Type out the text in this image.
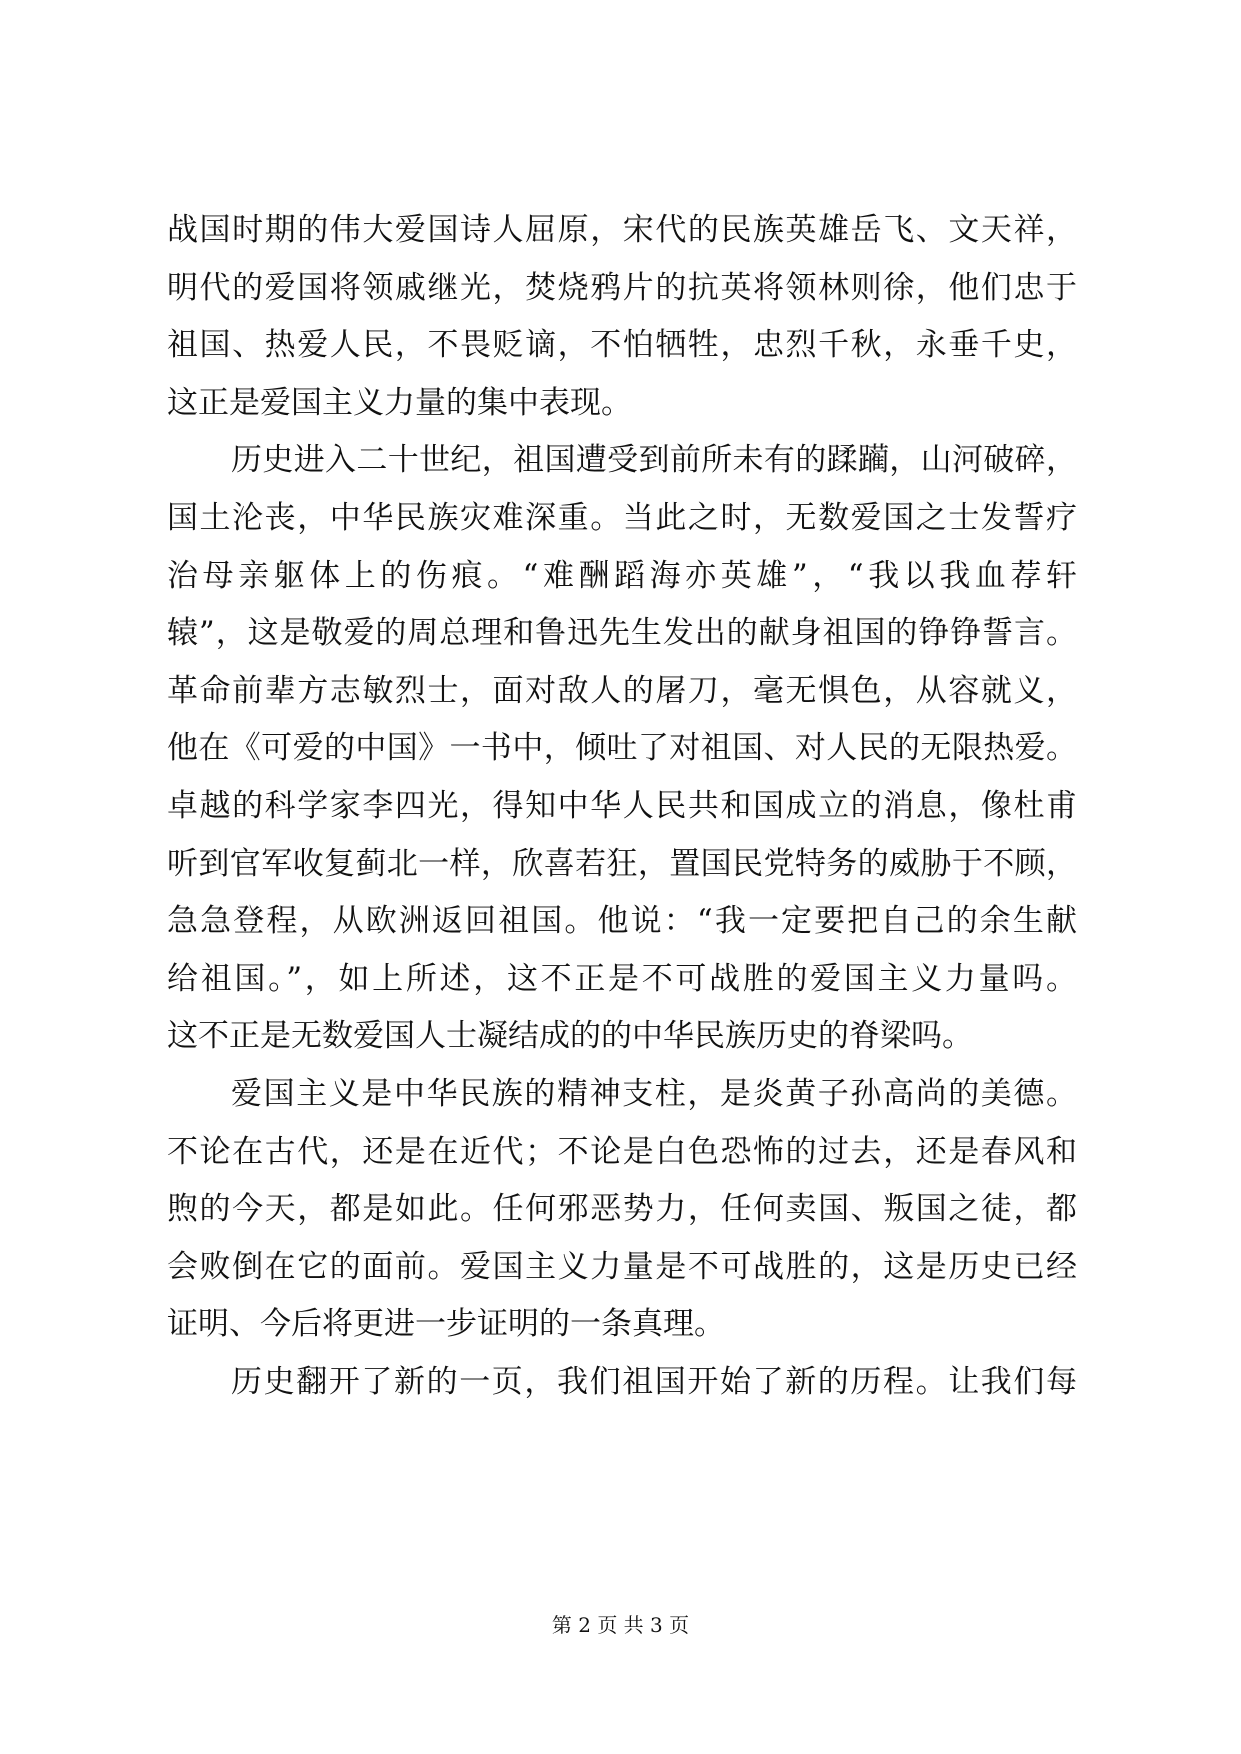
战国时期的伟大爱国诗人屈原，宋代的民族英雄岳飞、文天祥，
明代的爱国将领戚继光，焚烧鸦片的抗英将领林则徐，他们忠于
祖国、热爱人民，不畏贬谪，不怕牺牲，忠烈千秋，永垂千史，
这正是爱国主义力量的集中表现。
历史进入二十世纪，祖国遭受到前所未有的蹂躏，山河破碎，
国土沦丧，中华民族灾难深重。当此之时，无数爱国之士发誓疗
治母亲躯体上的伤痕。“难酬蹈海亦英雄”，“我以我血荐轩
辕”，这是敬爱的周总理和鲁迅先生发出的献身祖国的铮铮誓言。
革命前辈方志敏烈士，面对敌人的屠刀，毫无惧色，从容就义，
他在《可爱的中国》一书中，倾吐了对祖国、对人民的无限热爱。
卓越的科学家李四光，得知中华人民共和国成立的消息，像杜甫
听到官军收复蓟北一样，欣喜若狂，置国民党特务的威胁于不顾，
急急登程，从欧洲返回祖国。他说：“我一定要把自己的余生献
给祖国。”，如上所述，这不正是不可战胜的爱国主义力量吗。
这不正是无数爱国人士凝结成的的中华民族历史的脊梁吗。
爱国主义是中华民族的精神支柱，是炎黄子孙高尚的美德。
不论在古代，还是在近代；不论是白色恐怖的过去，还是春风和
煦的今天，都是如此。任何邪恶势力，任何卖国、叛国之徒，都
会败倒在它的面前。爱国主义力量是不可战胜的，这是历史已经
证明、今后将更进一步证明的一条真理。
历史翻开了新的一页，我们祖国开始了新的历程。让我们每
第 2 页 共 3 页
